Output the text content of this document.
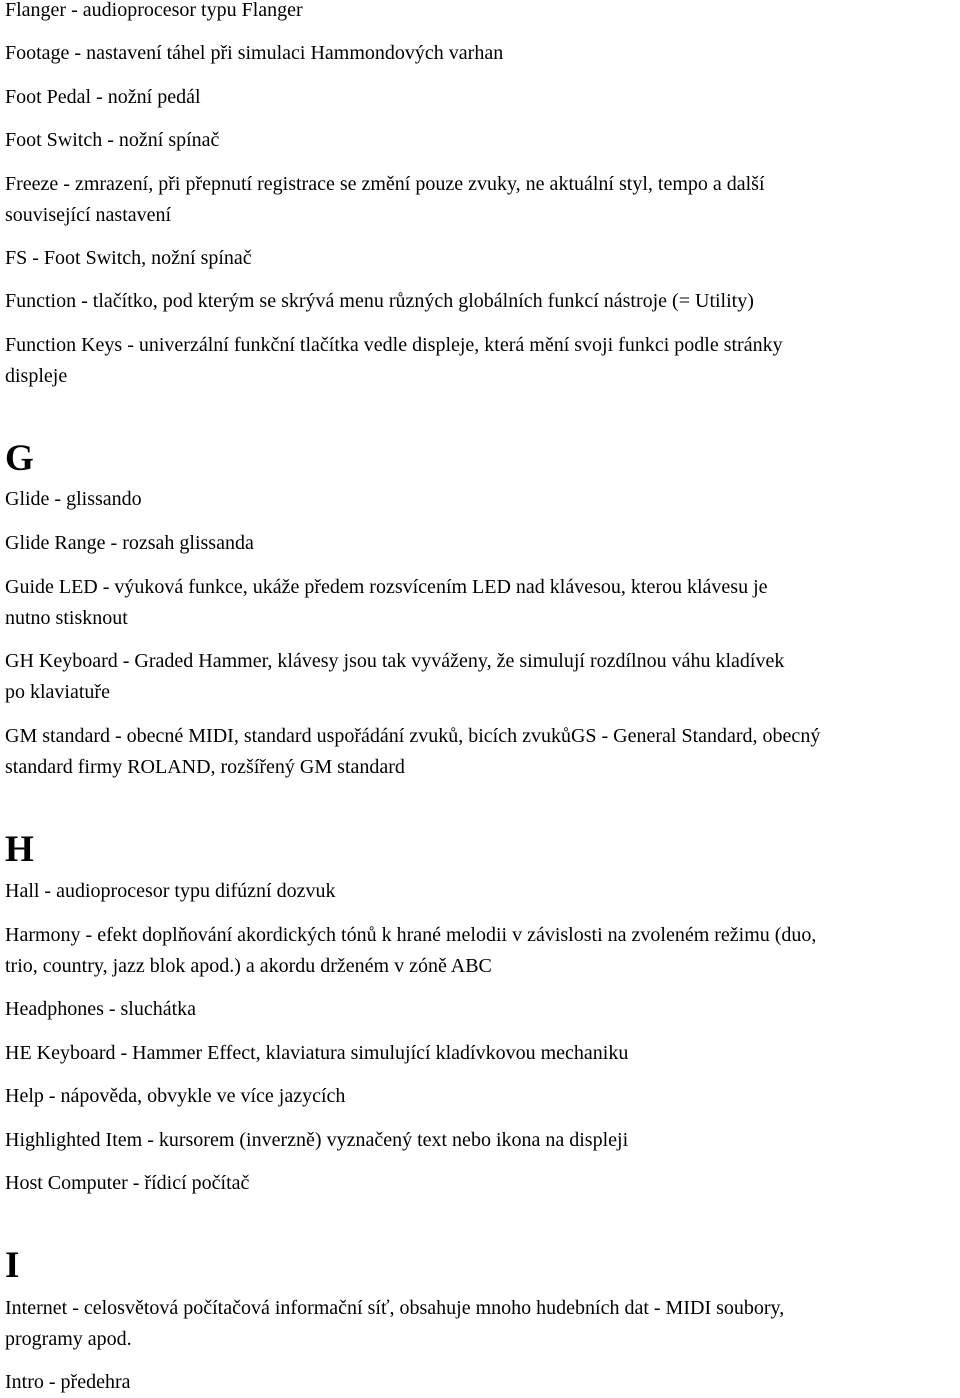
Flanger - audioprocesor typu Flanger
Footage - nastavení táhel při simulaci Hammondových varhan
Foot Pedal - nožní pedál
Foot Switch - nožní spínač
Freeze - zmrazení, při přepnutí registrace se změní pouze zvuky, ne aktuální styl, tempo a další
související nastavení
FS - Foot Switch, nožní spínač
Function - tlačítko, pod kterým se skrývá menu různých globálních funkcí nástroje (= Utility)
Function Keys - univerzální funkční tlačítka vedle displeje, která mění svoji funkci podle stránky
displeje
G
Glide - glissando
Glide Range - rozsah glissanda
Guide LED - výuková funkce, ukáže předem rozsvícením LED nad klávesou, kterou klávesu je
nutno stisknout
GH Keyboard - Graded Hammer, klávesy jsou tak vyváženy, že simulují rozdílnou váhu kladívek
po klaviatuře
GM standard - obecné MIDI, standard uspořádání zvuků, bicích zvukůGS - General Standard, obecný
standard firmy ROLAND, rozšířený GM standard
H
Hall - audioprocesor typu difúzní dozvuk
Harmony - efekt doplňování akordických tónů k hrané melodii v závislosti na zvoleném režimu (duo,
trio, country, jazz blok apod.) a akordu drženém v zóně ABC
Headphones - sluchátka
HE Keyboard - Hammer Effect, klaviatura simulující kladívkovou mechaniku
Help - nápověda, obvykle ve více jazycích
Highlighted Item - kursorem (inverzně) vyznačený text nebo ikona na displeji
Host Computer - řídicí počítač
I
Internet - celosvětová počítačová informační síť, obsahuje mnoho hudebních dat - MIDI soubory,
programy apod.
Intro - předehra
